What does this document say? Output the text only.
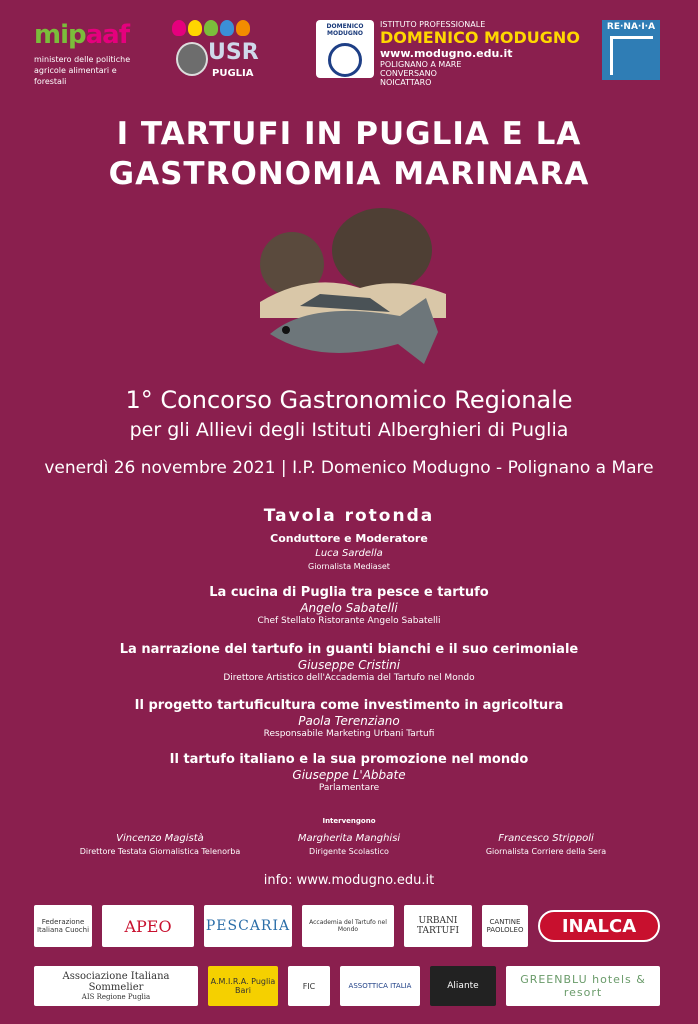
mipaaf
ministero delle politiche agricole alimentari e forestali
USR
PUGLIA
DOMENICO MODUGNO
ISTITUTO PROFESSIONALE
DOMENICO MODUGNO
www.modugno.edu.it
POLIGNANO A MARE
CONVERSANO
NOICATTARO
RE·NA·I·A
I TARTUFI IN PUGLIA E LA
GASTRONOMIA MARINARA
1° Concorso Gastronomico Regionale
per gli Allievi degli Istituti Alberghieri di Puglia
venerdì 26 novembre 2021 | I.P. Domenico Modugno - Polignano a Mare
Tavola rotonda
Conduttore e Moderatore
Luca Sardella
Giornalista Mediaset
La cucina di Puglia tra pesce e tartufo
Angelo Sabatelli
Chef Stellato Ristorante Angelo Sabatelli
La narrazione del tartufo in guanti bianchi e il suo cerimoniale
Giuseppe Cristini
Direttore Artistico dell'Accademia del Tartufo nel Mondo
Il progetto tartuficultura come investimento in agricoltura
Paola Terenziano
Responsabile Marketing Urbani Tartufi
Il tartufo italiano e la sua promozione nel mondo
Giuseppe L'Abbate
Parlamentare
Intervengono
Vincenzo Magistà
Direttore Testata Giornalistica Telenorba
Margherita Manghisi
Dirigente Scolastico
Francesco Strippoli
Giornalista Corriere della Sera
info: www.modugno.edu.it
Federazione Italiana Cuochi	APEO	PESCARIA	Accademia del Tartufo nel Mondo
URBANI TARTUFI
CANTINE PAOLOLEO	INALCA
Associazione Italiana Sommelier
AIS Regione Puglia
A.M.I.R.A. Puglia Bari	FIC	ASSOTTICA ITALIA	Aliante	GREENBLU hotels & resort
